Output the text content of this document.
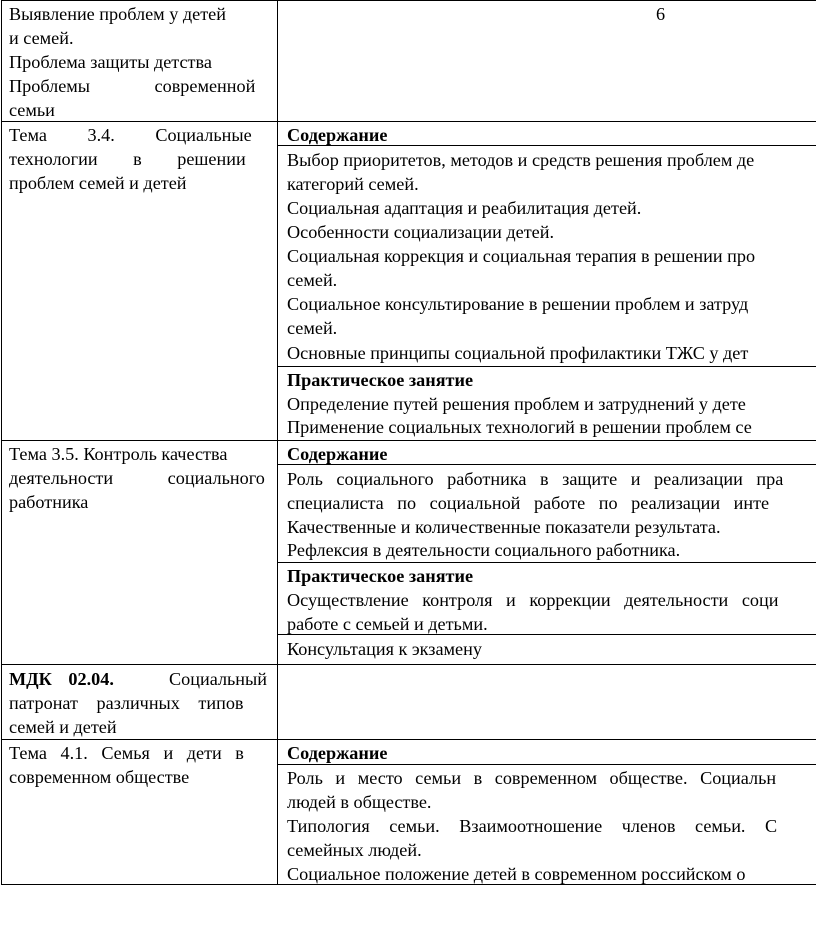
Выявление проблем у детей
и семей.
Проблема защиты детства
Проблемы современной
семьи
6
Тема 3.4. Социальные
технологии в решении
проблем семей и детей
Содержание
Выбор приоритетов, методов и средств решения проблем де
категорий семей.
Социальная адаптация и реабилитация детей.
Особенности социализации детей.
Социальная коррекция и социальная терапия в решении про
семей.
Социальное консультирование в решении проблем и затруд
семей.
Основные принципы социальной профилактики ТЖС у дет
Практическое занятие
Определение путей решения проблем и затруднений у дете
Применение социальных технологий в решении проблем се
Тема 3.5. Контроль качества
деятельности социального
работника
Содержание
Роль социального работника в защите и реализации пра
специалиста по социальной работе по реализации инте
Качественные и количественные показатели результата.
Рефлексия в деятельности социального работника.
Практическое занятие
Осуществление контроля и коррекции деятельности соци
работе с семьей и детьми.
Консультация к экзамену
МДК 02.04.	Социальный
патронат различных типов
семей и детей
Тема 4.1. Семья и дети в
современном обществе
Содержание
Роль и место семьи в современном обществе. Социальн
людей в обществе.
Типология семьи. Взаимоотношение членов семьи. С
семейных людей.
Социальное положение детей в современном российском о
